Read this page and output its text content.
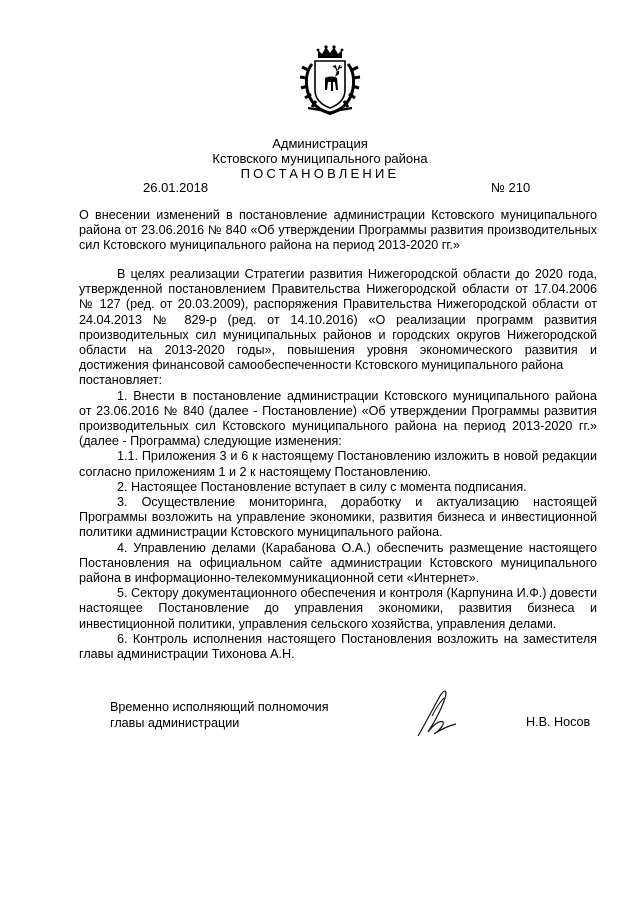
Администрация
Кстовского муниципального района
ПОСТАНОВЛЕНИЕ
26.01.2018	№ 210

О внесении изменений в постановление администрации Кстовского муниципального района от 23.06.2016 № 840 «Об утверждении Программы развития производительных сил Кстовского муниципального района на период 2013-2020 гг.»

В целях реализации Стратегии развития Нижегородской области до 2020 года, утвержденной постановлением Правительства Нижегородской области от 17.04.2006 № 127 (ред. от 20.03.2009), распоряжения Правительства Нижегородской области от 24.04.2013 № 829-р (ред. от 14.10.2016) «О реализации программ развития производительных сил муниципальных районов и городских округов Нижегородской области на 2013-2020 годы», повышения уровня экономического развития и достижения финансовой самообеспеченности Кстовского муниципального района

постановляет:

1. Внести в постановление администрации Кстовского муниципального района от 23.06.2016 № 840 (далее - Постановление) «Об утверждении Программы развития производительных сил Кстовского муниципального района на период 2013-2020 гг.» (далее - Программа) следующие изменения:

1.1. Приложения 3 и 6 к настоящему Постановлению изложить в новой редакции согласно приложениям 1 и 2 к настоящему Постановлению.

2. Настоящее Постановление вступает в силу с момента подписания.

3. Осуществление мониторинга, доработку и актуализацию настоящей Программы возложить на управление экономики, развития бизнеса и инвестиционной политики администрации Кстовского муниципального района.

4. Управлению делами (Карабанова О.А.) обеспечить размещение настоящего Постановления на официальном сайте администрации Кстовского муниципального района в информационно-телекоммуникационной сети «Интернет».

5. Сектору документационного обеспечения и контроля (Карпунина И.Ф.) довести настоящее Постановление до управления экономики, развития бизнеса и инвестиционной политики, управления сельского хозяйства, управления делами.

6. Контроль исполнения настоящего Постановления возложить на заместителя главы администрации Тихонова А.Н.

Временно исполняющий полномочия
главы администрации	Н.В. Носов
